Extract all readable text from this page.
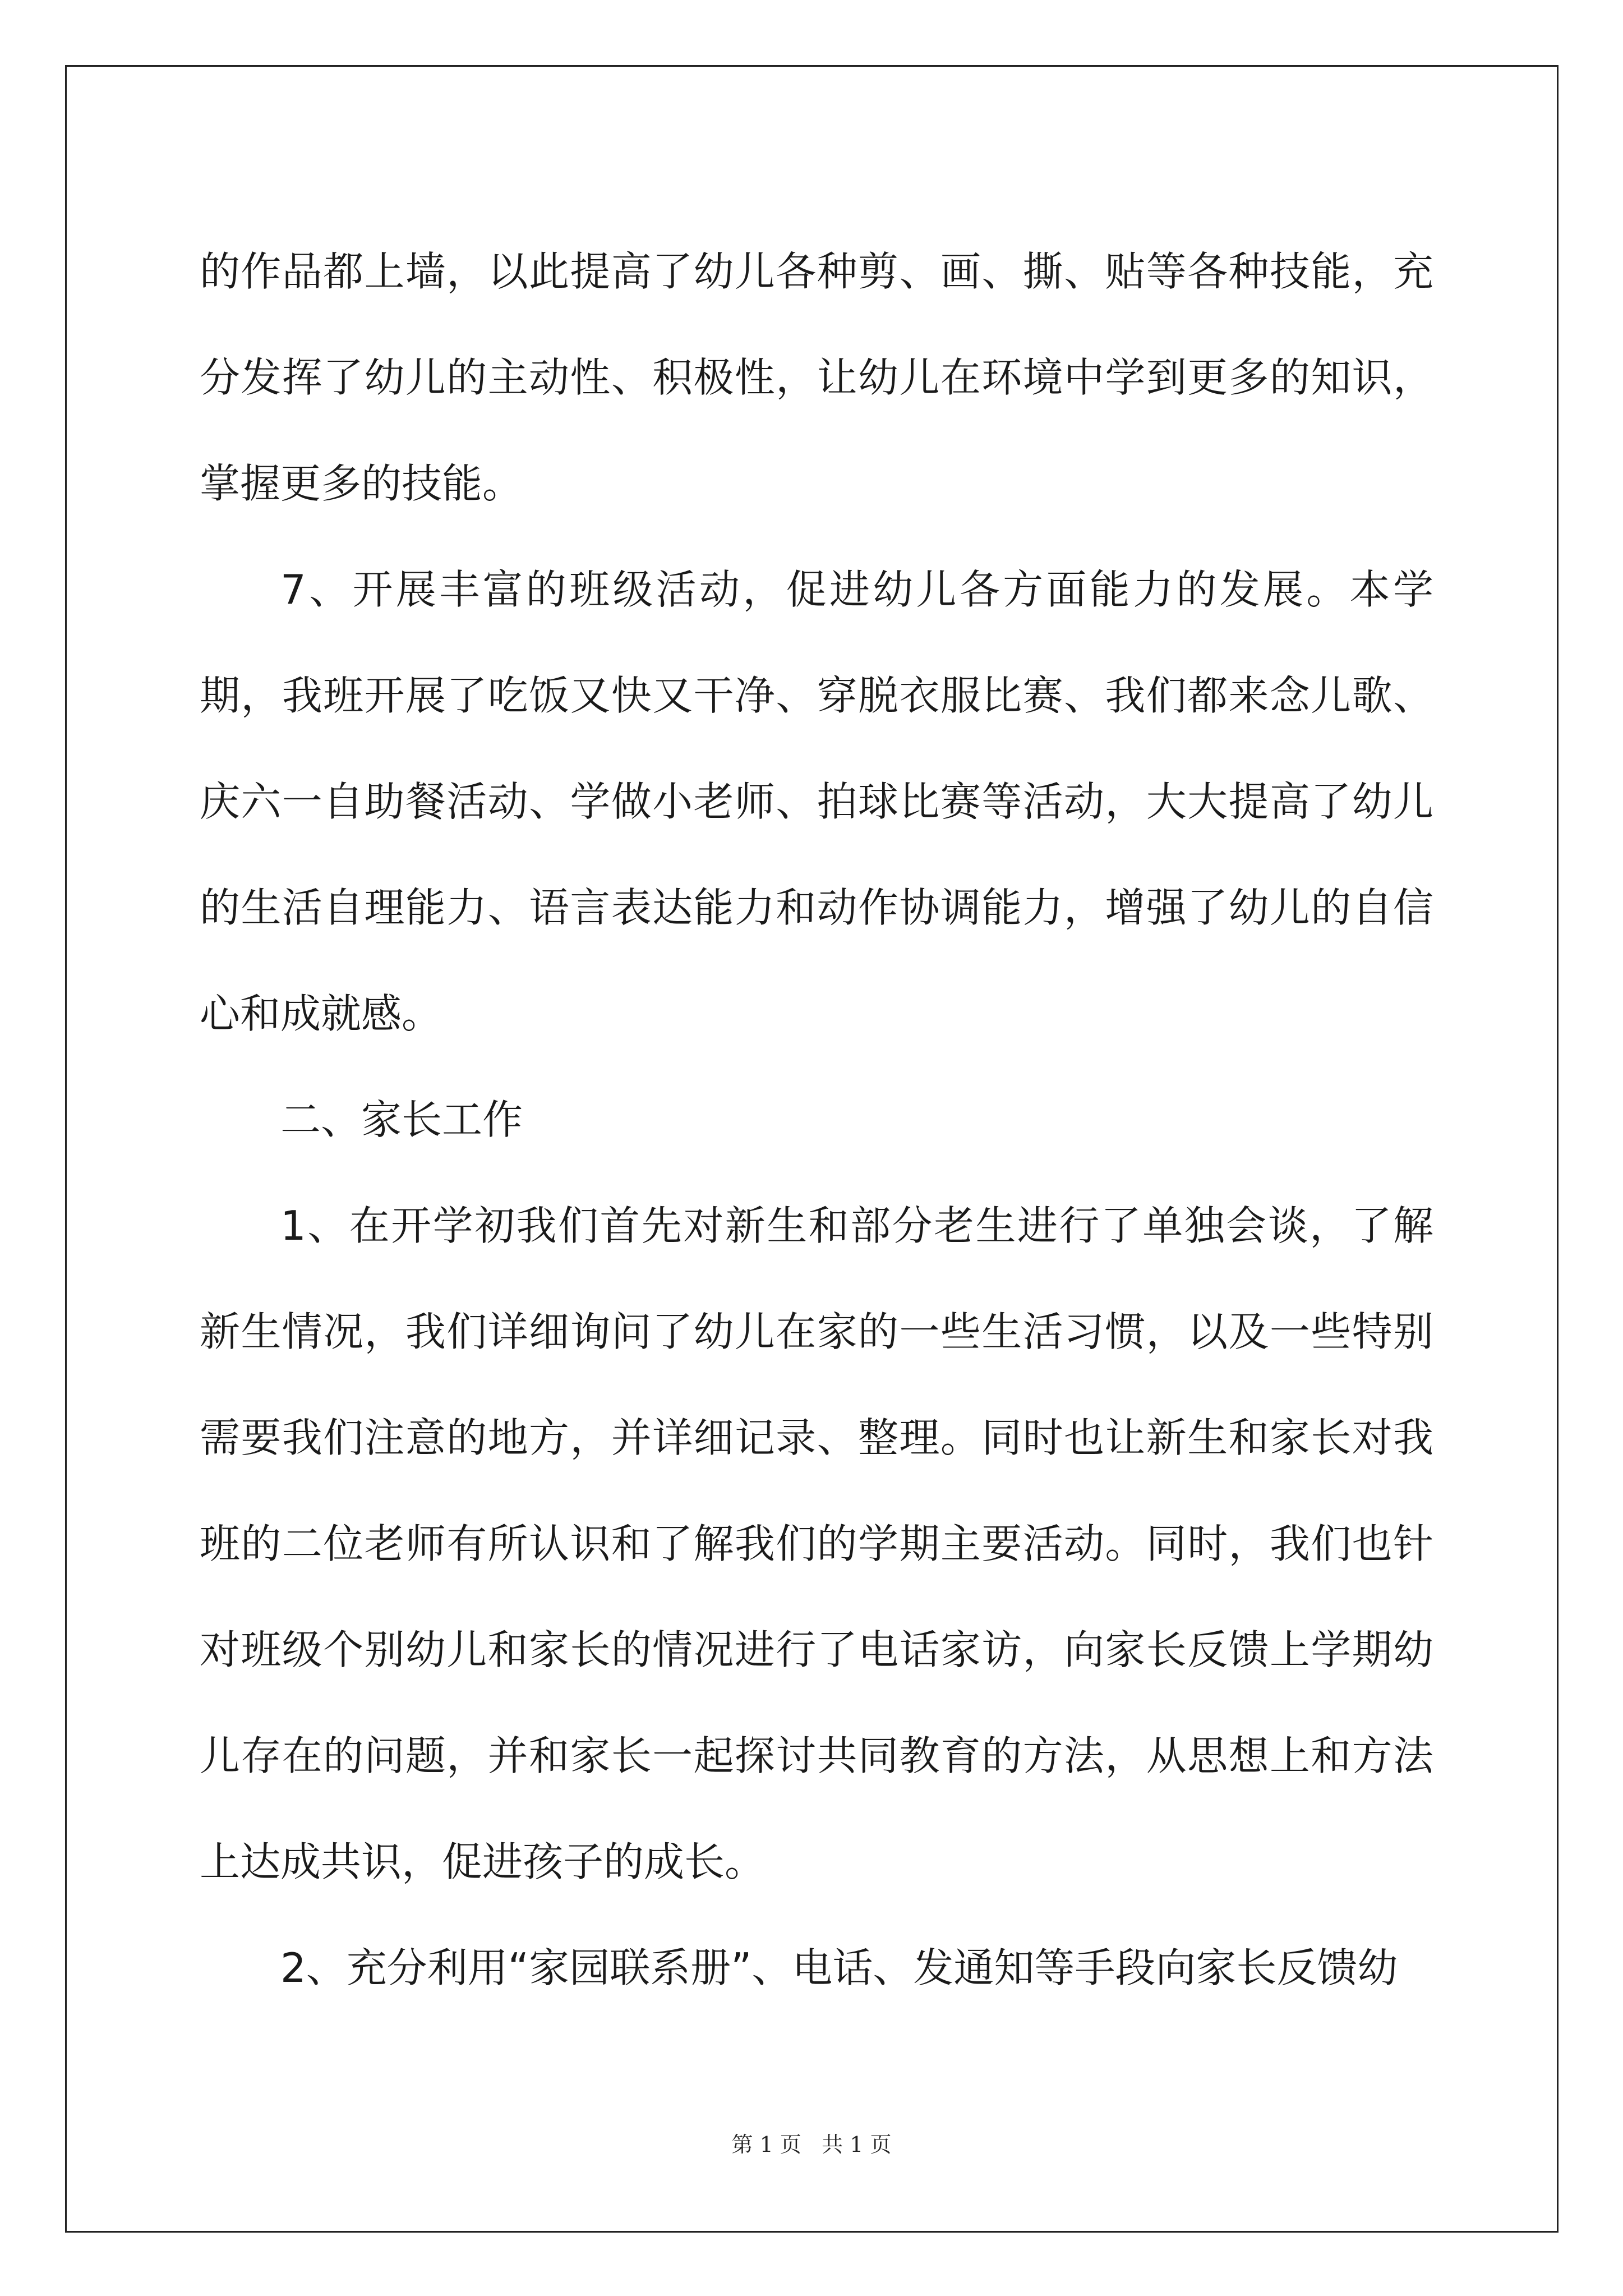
的作品都上墙，以此提高了幼儿各种剪、画、撕、贴等各种技能，充分发挥了幼儿的主动性、积极性，让幼儿在环境中学到更多的知识，掌握更多的技能。

7、开展丰富的班级活动，促进幼儿各方面能力的发展。本学期，我班开展了吃饭又快又干净、穿脱衣服比赛、我们都来念儿歌、庆六一自助餐活动、学做小老师、拍球比赛等活动，大大提高了幼儿的生活自理能力、语言表达能力和动作协调能力，增强了幼儿的自信心和成就感。

二、家长工作

1、在开学初我们首先对新生和部分老生进行了单独会谈，了解新生情况，我们详细询问了幼儿在家的一些生活习惯，以及一些特别需要我们注意的地方，并详细记录、整理。同时也让新生和家长对我班的二位老师有所认识和了解我们的学期主要活动。同时，我们也针对班级个别幼儿和家长的情况进行了电话家访，向家长反馈上学期幼儿存在的问题，并和家长一起探讨共同教育的方法，从思想上和方法上达成共识，促进孩子的成长。

2、充分利用“家园联系册”、电话、发通知等手段向家长反馈幼

第 1 页 共 1 页
